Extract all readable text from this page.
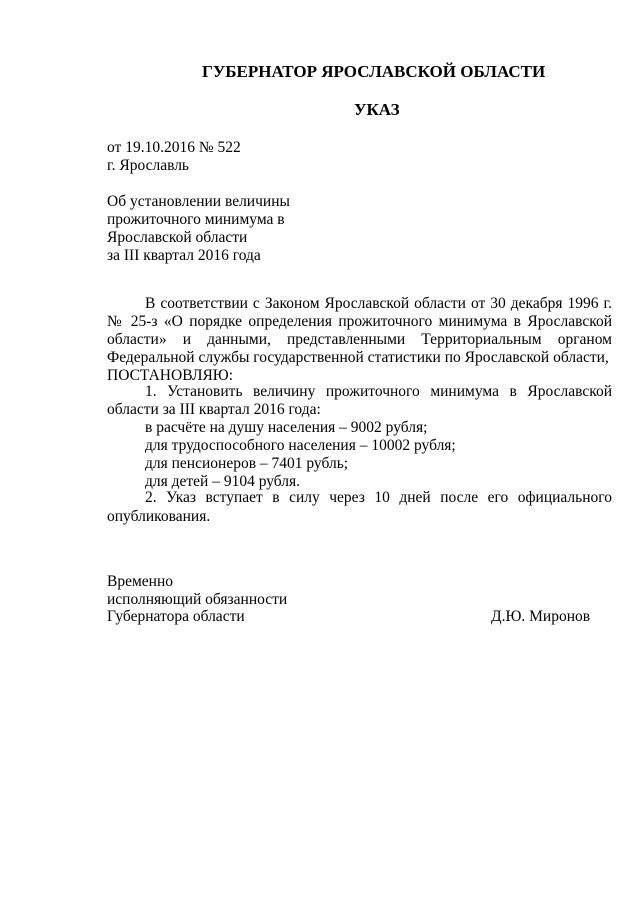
ГУБЕРНАТОР ЯРОСЛАВСКОЙ ОБЛАСТИ
УКАЗ
от 19.10.2016 № 522
г. Ярославль
Об установлении величины
прожиточного минимума в
Ярославской области
за III квартал 2016 года
В соответствии с Законом Ярославской области от 30 декабря 1996 г.
№ 25-з «О порядке определения прожиточного минимума в Ярославской
области» и данными, представленными Территориальным органом
Федеральной службы государственной статистики по Ярославской области,
ПОСТАНОВЛЯЮ:
1. Установить величину прожиточного минимума в Ярославской
области за III квартал 2016 года:
в расчёте на душу населения – 9002 рубля;
для трудоспособного населения – 10002 рубля;
для пенсионеров – 7401 рубль;
для детей – 9104 рубля.
2. Указ вступает в силу через 10 дней после его официального
опубликования.
Временно
исполняющий обязанности
Губернатора области	Д.Ю. Миронов
